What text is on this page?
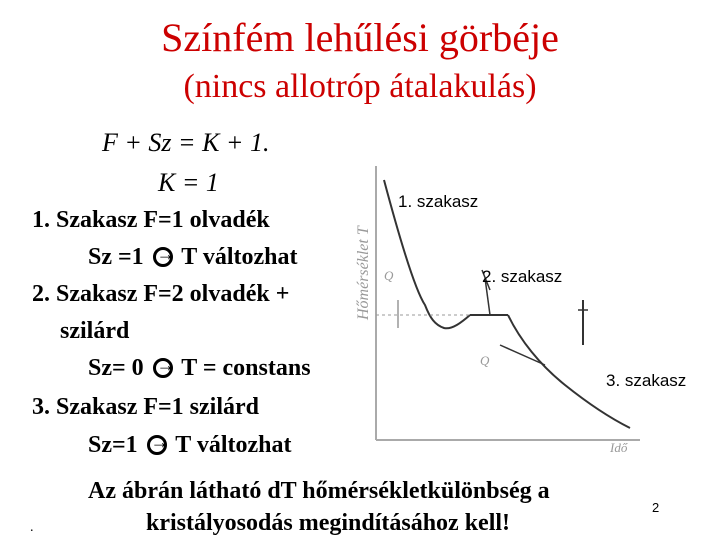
Színfém lehűlési görbéje
(nincs allotróp átalakulás)
F + Sz = K + 1.
K = 1
1. Szakasz F=1 olvadék
Sz =1 → T változhat
2. Szakasz F=2 olvadék +
szilárd
Sz= 0 → T = constans
3. Szakasz F=1 szilárd
Sz=1 → T változhat
Hőmérséklet T
Idő
Q
Q
1. szakasz
2. szakasz
3. szakasz
Az ábrán látható dT hőmérsékletkülönbség a
kristályosodás megindításához kell!
2
.
